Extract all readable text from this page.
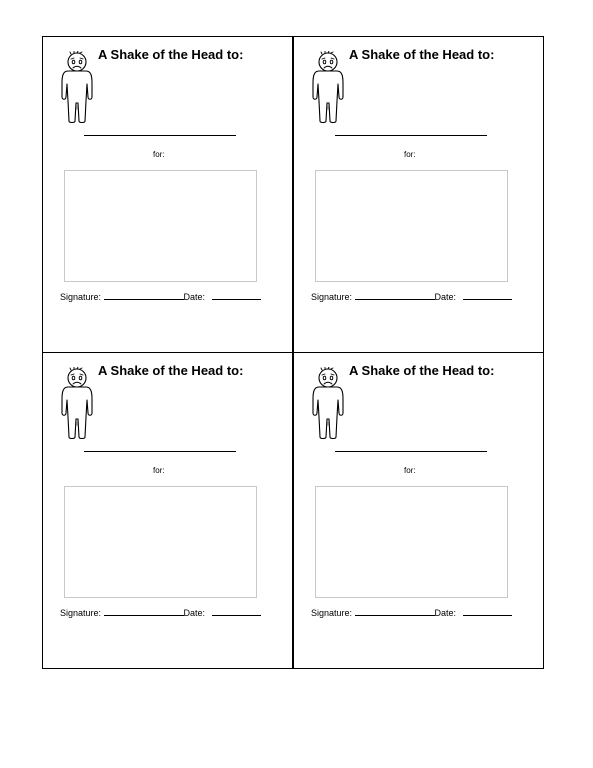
A Shake of the Head to:
for:
Signature:	Date:
A Shake of the Head to:
for:
Signature:	Date:
A Shake of the Head to:
for:
Signature:	Date:
A Shake of the Head to:
for:
Signature:	Date:
